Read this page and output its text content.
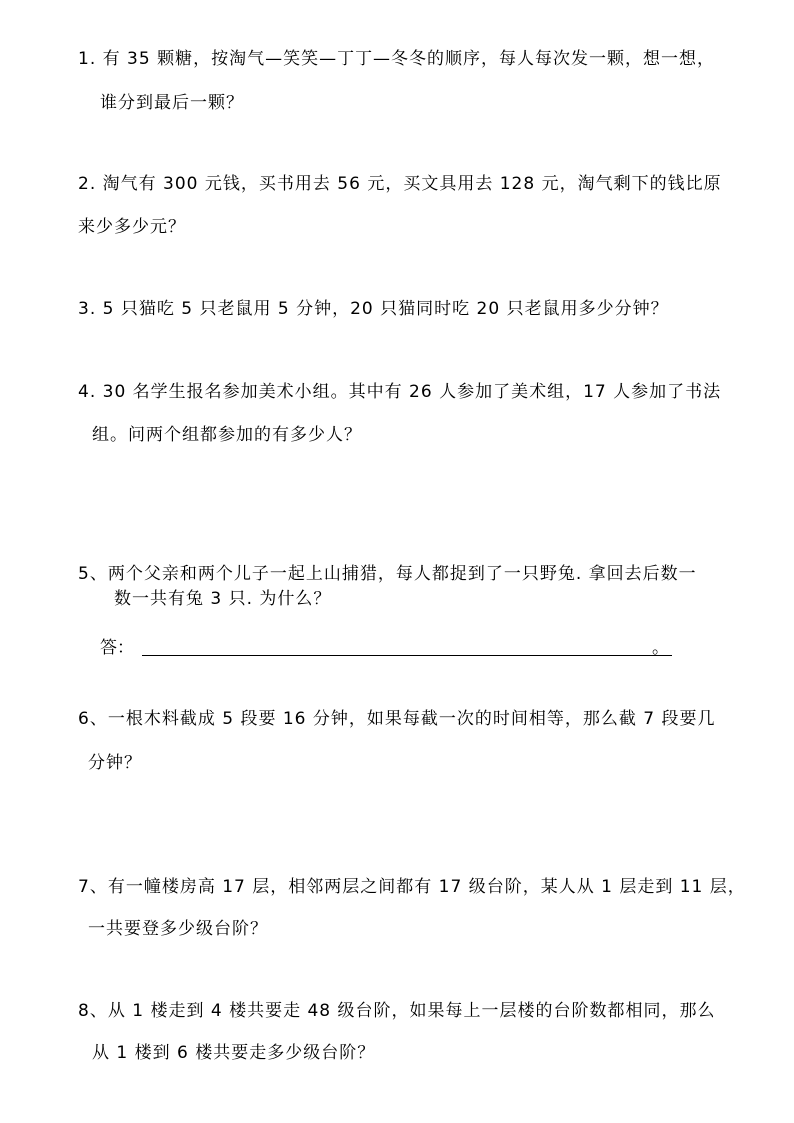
1. 有 35 颗糖，按淘气—笑笑—丁丁—冬冬的顺序，每人每次发一颗，想一想，
谁分到最后一颗？
2. 淘气有 300 元钱，买书用去 56 元，买文具用去 128 元，淘气剩下的钱比原
来少多少元？
3. 5 只猫吃 5 只老鼠用 5 分钟，20 只猫同时吃 20 只老鼠用多少分钟？
4. 30 名学生报名参加美术小组。其中有 26 人参加了美术组，17 人参加了书法
组。问两个组都参加的有多少人？
5、两个父亲和两个儿子一起上山捕猎，每人都捉到了一只野兔. 拿回去后数一
数一共有兔 3 只. 为什么？
答：	。
6、一根木料截成 5 段要 16 分钟，如果每截一次的时间相等，那么截 7 段要几
分钟？
7、有一幢楼房高 17 层，相邻两层之间都有 17 级台阶，某人从 1 层走到 11 层，
一共要登多少级台阶？
8、从 1 楼走到 4 楼共要走 48 级台阶，如果每上一层楼的台阶数都相同，那么
从 1 楼到 6 楼共要走多少级台阶？
